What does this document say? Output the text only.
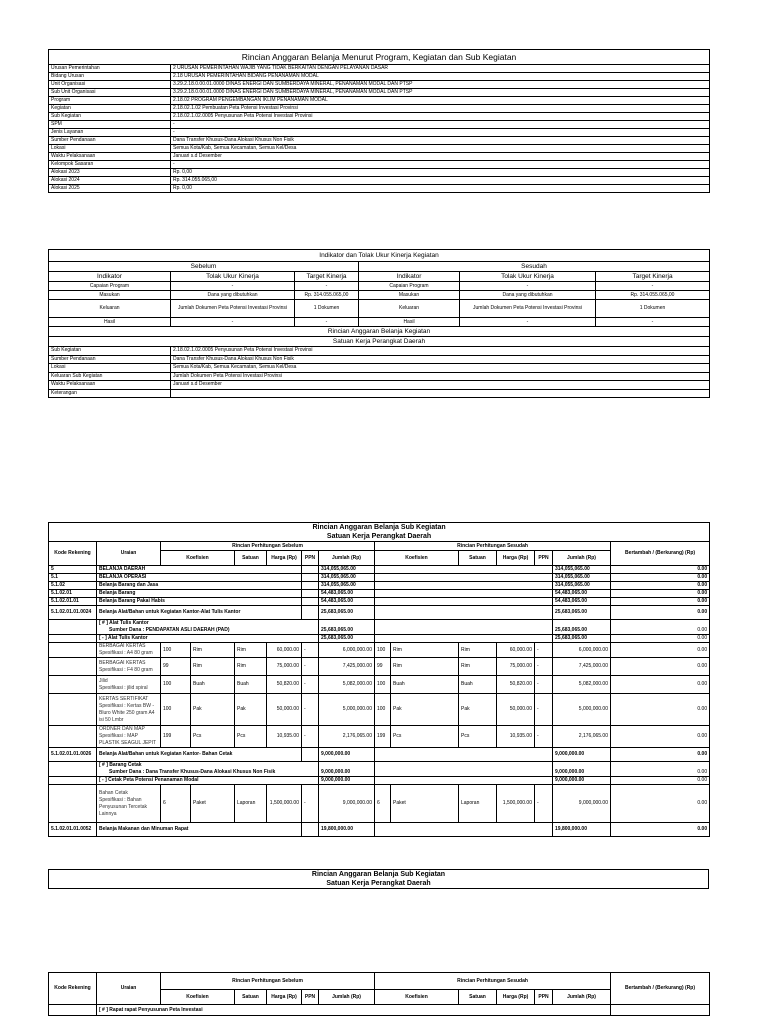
Rincian Anggaran Belanja Menurut Program, Kegiatan dan Sub Kegiatan	
Urusan Pemerintahan	2 URUSAN PEMERINTAHAN WAJIB YANG TIDAK BERKAITAN DENGAN PELAYANAN DASAR
Bidang Urusan	2.18 URUSAN PEMERINTAHAN BIDANG PENANAMAN MODAL
Unit Organisasi	3.29.2.18.0.00.01.0000 DINAS ENERGI DAN SUMBERDAYA MINERAL, PENANAMAN MODAL DAN PTSP
Sub Unit Organisasi	3.29.2.18.0.00.01.0000 DINAS ENERGI DAN SUMBERDAYA MINERAL, PENANAMAN MODAL DAN PTSP
Program	2.18.02 PROGRAM PENGEMBANGAN IKLIM PENANAMAN MODAL
Kegiatan	2.18.02.1.02 Pembuatan Peta Potensi Investasi Provinsi
Sub Kegiatan	2.18.02.1.02.0005 Penyusunan Peta Potensi Investasi Provinsi
SPM	-
Jenis Layanan	-
Sumber Pendanaan	Dana Transfer Khusus-Dana Alokasi Khusus Non Fisik
Lokasi	Semua Kota/Kab, Semua Kecamatan, Semua Kel/Desa
Waktu Pelaksanaan	Januari s.d Desember
Kelompok Sasaran	-
Alokasi 2023	Rp. 0,00
Alokasi 2024	Rp. 314.055.065,00
Alokasi 2025	Rp. 0,00
Indikator dan Tolak Ukur Kinerja Kegiatan					
Sebelum			Sesudah		
Indikator	Tolak Ukur Kinerja	Target Kinerja	Indikator	Tolak Ukur Kinerja	Target Kinerja
Capaian Program	-	-	Capaian Program	-	-
Masukan	Dana yang dibutuhkan	Rp. 314.055.065,00	Masukan	Dana yang dibutuhkan	Rp. 314.055.065,00
Keluaran	Jumlah Dokumen Peta Potensi Investasi Provinsi	1 Dokumen	Keluaran	Jumlah Dokumen Peta Potensi Investasi Provinsi	1 Dokumen
Hasil	-	-	Hasil	-	-
Rincian Anggaran Belanja Kegiatan					
Satuan Kerja Perangkat Daerah					
Sub Kegiatan	2.18.02.1.02.0005 Penyusunan Peta Potensi Investasi Provinsi				
Sumber Pendanaan	Dana Transfer Khusus-Dana Alokasi Khusus Non Fisik				
Lokasi	Semua Kota/Kab, Semua Kecamatan, Semua Kel/Desa				
Keluaran Sub Kegiatan	Jumlah Dokumen Peta Potensi Investasi Provinsi				
Waktu Pelaksanaan	Januari s.d Desember				
Keterangan					
Rincian Anggaran Belanja Sub Kegiatan														
Satuan Kerja Perangkat Daerah														
Kode Rekening	Uraian	Rincian Perhitungan Sebelum						Rincian Perhitungan Sesudah						Bertambah / (Berkurang) (Rp)
		Koefisien		Satuan	Harga (Rp)	PPN	Jumlah (Rp)	Koefisien		Satuan	Harga (Rp)	PPN	Jumlah (Rp)	
5	BELANJA DAERAH						314,055,065.00						314,055,065.00	0.00
5.1	BELANJA OPERASI						314,055,065.00						314,055,065.00	0.00
5.1.02	Belanja Barang dan Jasa						314,055,065.00						314,055,065.00	0.00
5.1.02.01	Belanja Barang						54,483,065.00						54,483,065.00	0.00
5.1.02.01.01	Belanja Barang Pakai Habis						54,483,065.00						54,483,065.00	0.00
5.1.02.01.01.0024	Belanja Alat/Bahan untuk Kegiatan Kantor-Alat Tulis Kantor						25,683,065.00						25,683,065.00	0.00

	[ # ] Alat Tulis Kantor
Sumber Dana : PENDAPATAN ASLI DAERAH (PAD)						25,683,065.00						25,683,065.00	0.00

	[ - ] Alat Tulis Kantor						25,683,065.00						25,683,065.00	0.00

	BERBAGAI KERTAS
Spesifikasi : A4 80 gram	100	Rim	Rim	60,000.00	-	6,000,000.00	100	Rim	Rim	60,000.00	-	6,000,000.00	0.00

	BERBAGAI KERTAS
Spesifikasi : F4 80 gram	99	Rim	Rim	75,000.00	-	7,425,000.00	99	Rim	Rim	75,000.00	-	7,425,000.00	0.00

	Jilid
Spesifikasi : jilid spiral	100	Buah	Buah	50,820.00	-	5,082,000.00	100	Buah	Buah	50,820.00	-	5,082,000.00	0.00

	KERTAS SERTIFIKAT
Spesifikasi : Kertas BW - Bluro White 250 gram A4 isi 50 Lmbr	100	Pak	Pak	50,000.00	-	5,000,000.00	100	Pak	Pak	50,000.00	-	5,000,000.00	0.00

	ORDNER DAN MAP
Spesifikasi : MAP PLASTIK SEAGUL JEPIT	199	Pcs	Pcs	10,935.00	-	2,176,065.00	199	Pcs	Pcs	10,935.00	-	2,176,065.00	0.00
5.1.02.01.01.0026	Belanja Alat/Bahan untuk Kegiatan Kantor- Bahan Cetak						9,000,000.00						9,000,000.00	0.00

	[ # ] Barang Cetak
Sumber Dana : Dana Transfer Khusus-Dana Alokasi Khusus Non Fisik						9,000,000.00						9,000,000.00	0.00

	[ - ] Cetak Peta Potensi Penanaman Modal						9,000,000.00						9,000,000.00	0.00

	Bahan Cetak
Spesifikasi : Bahan Penyusunan Tercetak Lainnya	6	Paket	Laporan	1,500,000.00	-	9,000,000.00	6	Paket	Laporan	1,500,000.00	-	9,000,000.00	0.00
5.1.02.01.01.0052	Belanja Makanan dan Minuman Rapat						19,800,000.00						19,800,000.00	0.00
Rincian Anggaran Belanja Sub Kegiatan
Satuan Kerja Perangkat Daerah
Kode Rekening	Uraian	Rincian Perhitungan Sebelum					Rincian Perhitungan Sesudah					Bertambah / (Berkurang) (Rp)
		Koefisien	Satuan	Harga (Rp)	PPN	Jumlah (Rp)	Koefisien	Satuan	Harga (Rp)	PPN	Jumlah (Rp)	
	[ # ] Rapat rapat Penyusunan Peta Investasi											
